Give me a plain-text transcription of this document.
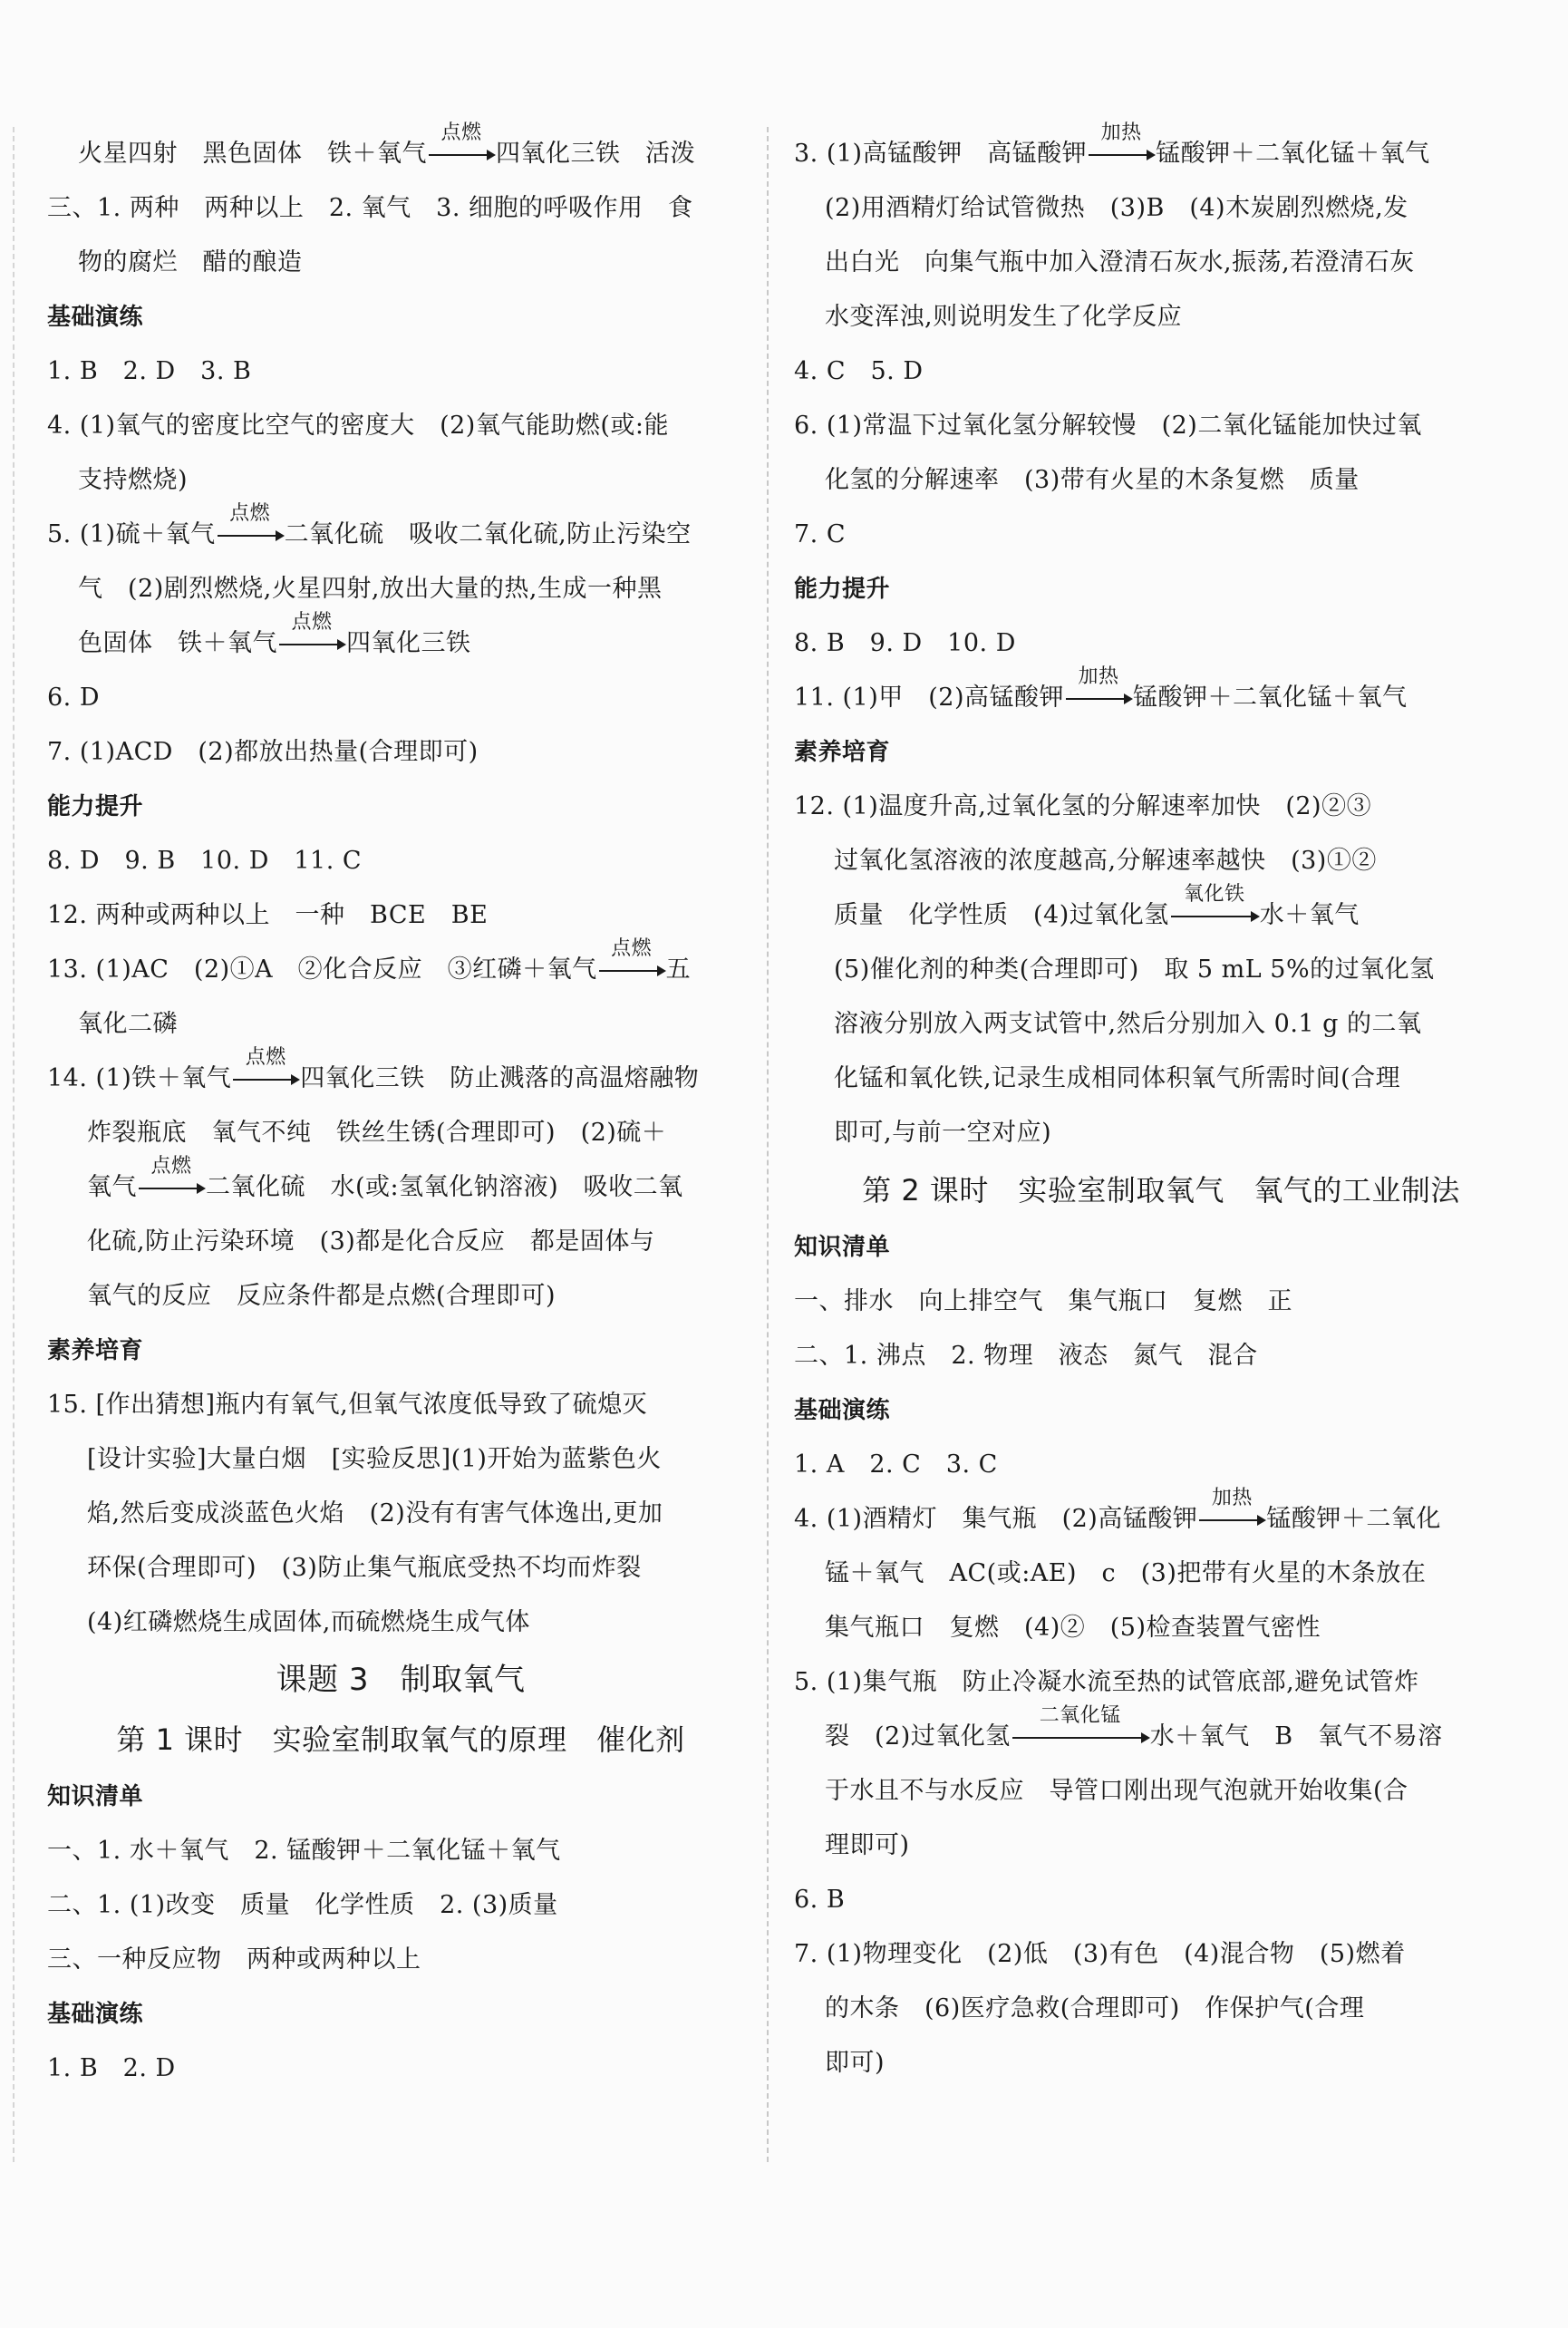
火星四射　黑色固体　铁＋氧气
点燃
四氧化三铁　活泼
三、1. 两种　两种以上　2. 氧气　3. 细胞的呼吸作用　食
物的腐烂　醋的酿造
基础演练
1. B　2. D　3. B
4. (1)氧气的密度比空气的密度大　(2)氧气能助燃(或:能
支持燃烧)
5. (1)硫＋氧气
点燃
二氧化硫　吸收二氧化硫,防止污染空
气　(2)剧烈燃烧,火星四射,放出大量的热,生成一种黑
色固体　铁＋氧气
点燃
四氧化三铁
6. D
7. (1)ACD　(2)都放出热量(合理即可)
能力提升
8. D　9. B　10. D　11. C
12. 两种或两种以上　一种　BCE　BE
13. (1)AC　(2)①A　②化合反应　③红磷＋氧气
点燃
五
氧化二磷
14. (1)铁＋氧气
点燃
四氧化三铁　防止溅落的高温熔融物
炸裂瓶底　氧气不纯　铁丝生锈(合理即可)　(2)硫＋
氧气
点燃
二氧化硫　水(或:氢氧化钠溶液)　吸收二氧
化硫,防止污染环境　(3)都是化合反应　都是固体与
氧气的反应　反应条件都是点燃(合理即可)
素养培育
15. [作出猜想]瓶内有氧气,但氧气浓度低导致了硫熄灭
[设计实验]大量白烟　[实验反思](1)开始为蓝紫色火
焰,然后变成淡蓝色火焰　(2)没有有害气体逸出,更加
环保(合理即可)　(3)防止集气瓶底受热不均而炸裂
(4)红磷燃烧生成固体,而硫燃烧生成气体
课题 3　制取氧气
第 1 课时　实验室制取氧气的原理　催化剂
知识清单
一、1. 水＋氧气　2. 锰酸钾＋二氧化锰＋氧气
二、1. (1)改变　质量　化学性质　2. (3)质量
三、一种反应物　两种或两种以上
基础演练
1. B　2. D
3. (1)高锰酸钾　高锰酸钾
加热
锰酸钾＋二氧化锰＋氧气
(2)用酒精灯给试管微热　(3)B　(4)木炭剧烈燃烧,发
出白光　向集气瓶中加入澄清石灰水,振荡,若澄清石灰
水变浑浊,则说明发生了化学反应
4. C　5. D
6. (1)常温下过氧化氢分解较慢　(2)二氧化锰能加快过氧
化氢的分解速率　(3)带有火星的木条复燃　质量
7. C
能力提升
8. B　9. D　10. D
11. (1)甲　(2)高锰酸钾
加热
锰酸钾＋二氧化锰＋氧气
素养培育
12. (1)温度升高,过氧化氢的分解速率加快　(2)②③
过氧化氢溶液的浓度越高,分解速率越快　(3)①②
质量　化学性质　(4)过氧化氢
氧化铁
水＋氧气
(5)催化剂的种类(合理即可)　取 5 mL 5%的过氧化氢
溶液分别放入两支试管中,然后分别加入 0.1 g 的二氧
化锰和氧化铁,记录生成相同体积氧气所需时间(合理
即可,与前一空对应)
第 2 课时　实验室制取氧气　氧气的工业制法
知识清单
一、排水　向上排空气　集气瓶口　复燃　正
二、1. 沸点　2. 物理　液态　氮气　混合
基础演练
1. A　2. C　3. C
4. (1)酒精灯　集气瓶　(2)高锰酸钾
加热
锰酸钾＋二氧化
锰＋氧气　AC(或:AE)　c　(3)把带有火星的木条放在
集气瓶口　复燃　(4)②　(5)检查装置气密性
5. (1)集气瓶　防止冷凝水流至热的试管底部,避免试管炸
裂　(2)过氧化氢
二氧化锰
水＋氧气　B　氧气不易溶
于水且不与水反应　导管口刚出现气泡就开始收集(合
理即可)
6. B
7. (1)物理变化　(2)低　(3)有色　(4)混合物　(5)燃着
的木条　(6)医疗急救(合理即可)　作保护气(合理
即可)
